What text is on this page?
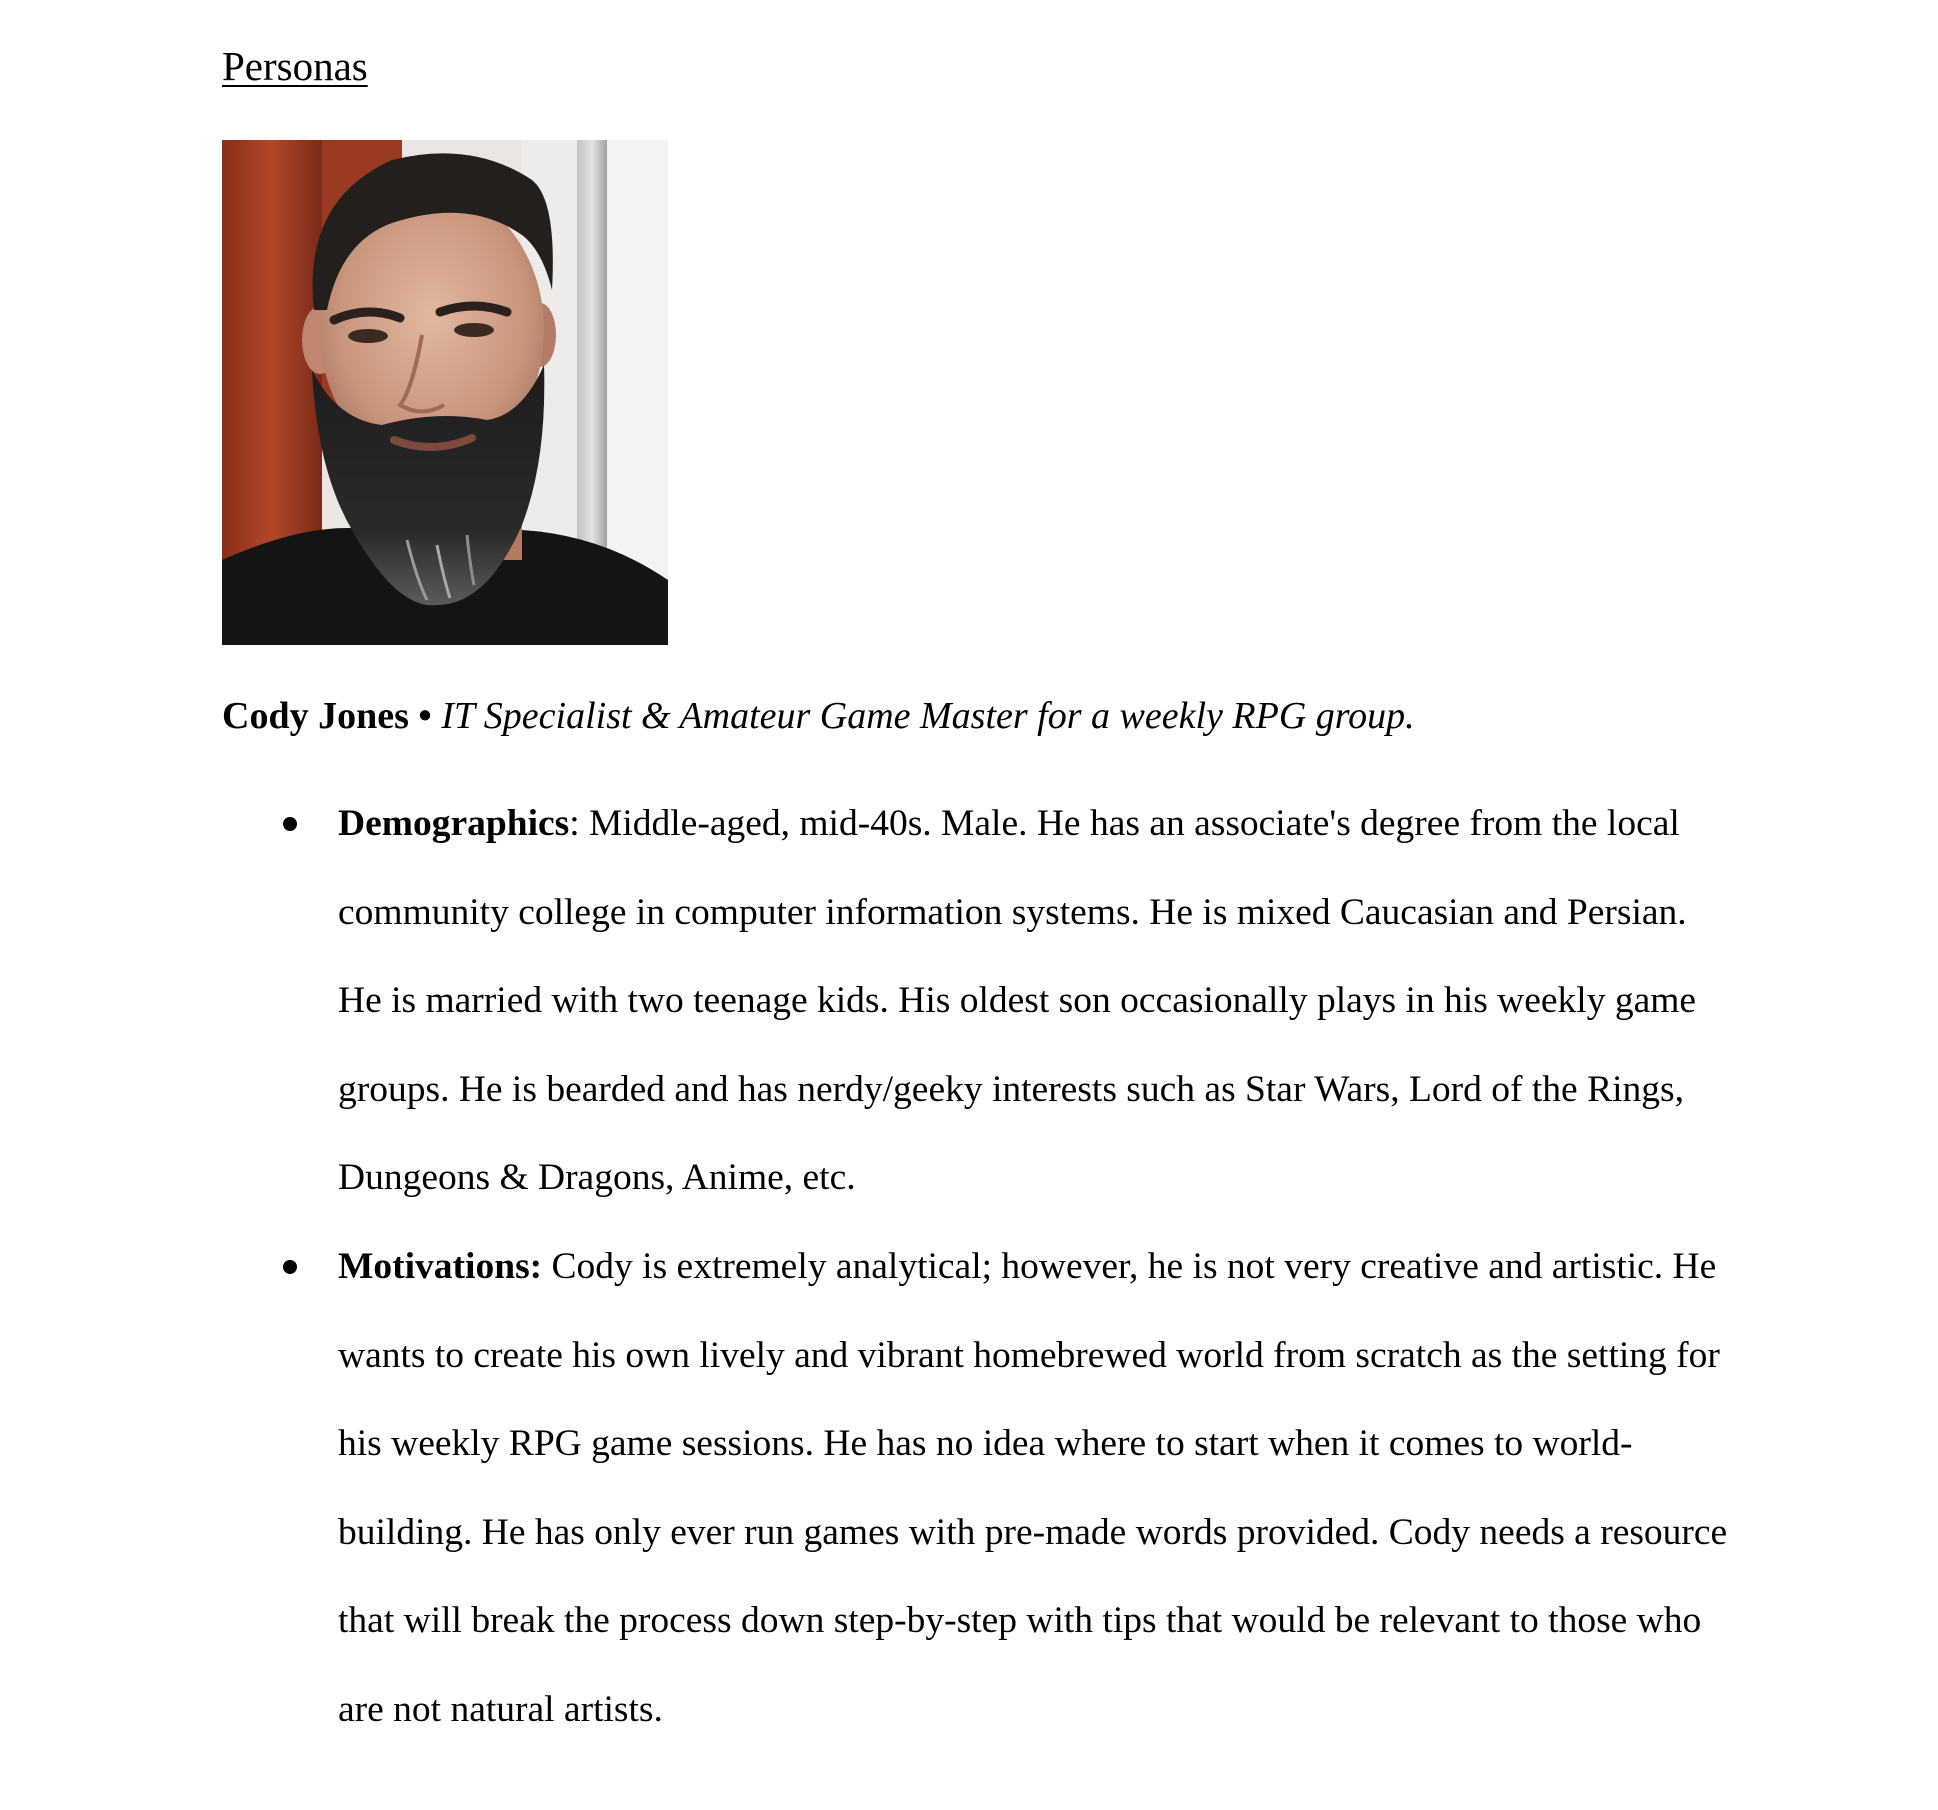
Personas

Cody Jones • IT Specialist & Amateur Game Master for a weekly RPG group.

Demographics: Middle-aged, mid-40s. Male. He has an associate's degree from the local community college in computer information systems. He is mixed Caucasian and Persian. He is married with two teenage kids. His oldest son occasionally plays in his weekly game groups. He is bearded and has nerdy/geeky interests such as Star Wars, Lord of the Rings, Dungeons & Dragons, Anime, etc.
Motivations: Cody is extremely analytical; however, he is not very creative and artistic. He wants to create his own lively and vibrant homebrewed world from scratch as the setting for his weekly RPG game sessions. He has no idea where to start when it comes to world-building. He has only ever run games with pre-made words provided. Cody needs a resource that will break the process down step-by-step with tips that would be relevant to those who are not natural artists.
